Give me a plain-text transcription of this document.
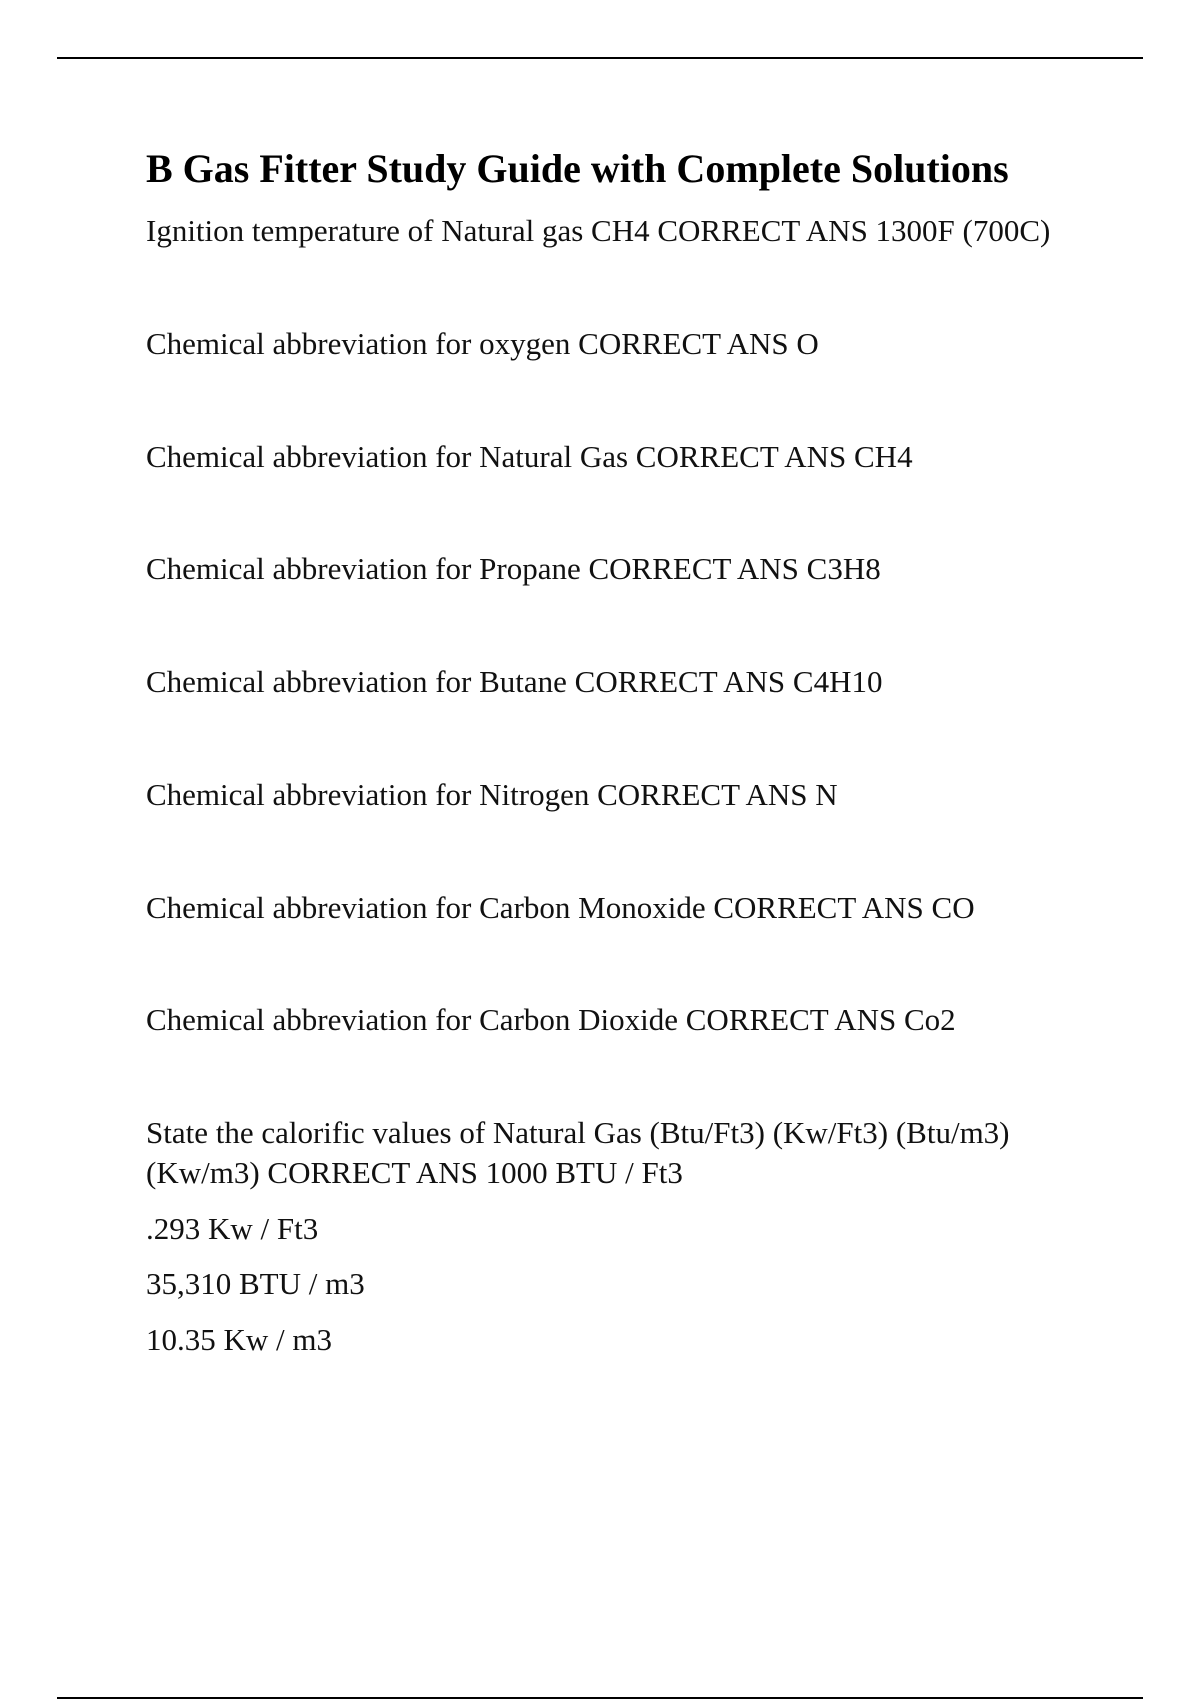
B Gas Fitter Study Guide with Complete Solutions

Ignition temperature of Natural gas CH4 CORRECT ANS 1300F (700C)

Chemical abbreviation for oxygen CORRECT ANS O

Chemical abbreviation for Natural Gas CORRECT ANS CH4

Chemical abbreviation for Propane CORRECT ANS C3H8

Chemical abbreviation for Butane CORRECT ANS C4H10

Chemical abbreviation for Nitrogen CORRECT ANS N

Chemical abbreviation for Carbon Monoxide CORRECT ANS CO

Chemical abbreviation for Carbon Dioxide CORRECT ANS Co2

State the calorific values of Natural Gas (Btu/Ft3) (Kw/Ft3) (Btu/m3)

(Kw/m3) CORRECT ANS 1000 BTU / Ft3

.293 Kw / Ft3

35,310 BTU / m3

10.35 Kw / m3
